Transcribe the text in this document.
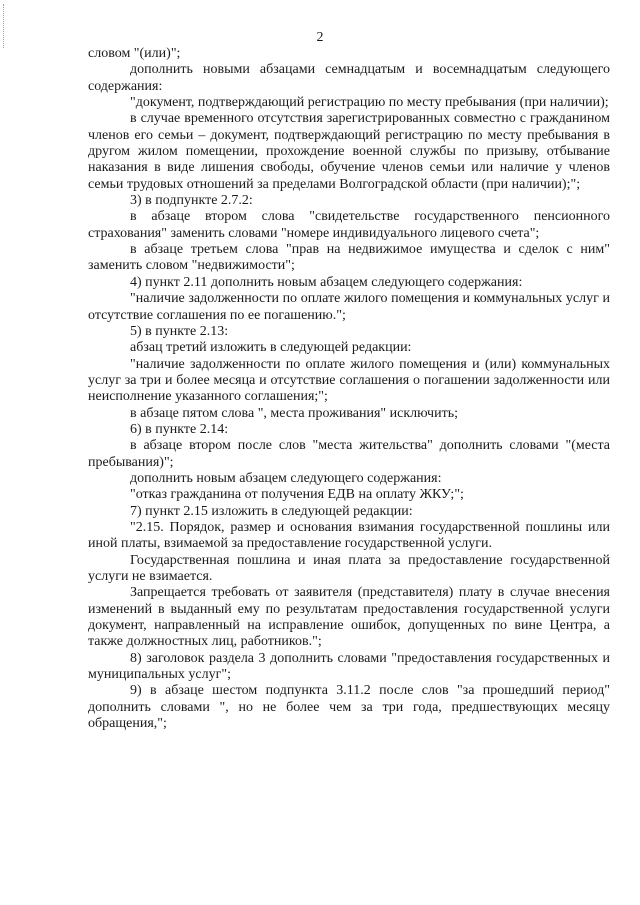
2

словом "(или)";

дополнить новыми абзацами семнадцатым и восемнадцатым следующего содержания:

"документ, подтверждающий регистрацию по месту пребывания (при наличии);

в случае временного отсутствия зарегистрированных совместно с гражданином членов его семьи – документ, подтверждающий регистрацию по месту пребывания в другом жилом помещении, прохождение военной службы по призыву, отбывание наказания в виде лишения свободы, обучение членов семьи или наличие у членов семьи трудовых отношений за пределами Волгоградской области (при наличии);";

3) в подпункте 2.7.2:

в абзаце втором слова "свидетельстве государственного пенсионного страхования" заменить словами "номере индивидуального лицевого счета";

в абзаце третьем слова "прав на недвижимое имущества и сделок с ним" заменить словом "недвижимости";

4) пункт 2.11 дополнить новым абзацем следующего содержания:

"наличие задолженности по оплате жилого помещения и коммунальных услуг и отсутствие соглашения по ее погашению.";

5) в пункте 2.13:

абзац третий изложить в следующей редакции:

"наличие задолженности по оплате жилого помещения и (или) коммунальных услуг за три и более месяца и отсутствие соглашения о погашении задолженности или неисполнение указанного соглашения;";

в абзаце пятом слова ", места проживания" исключить;

6) в пункте 2.14:

в абзаце втором после слов "места жительства" дополнить словами "(места пребывания)";

дополнить новым абзацем следующего содержания:

"отказ гражданина от получения ЕДВ на оплату ЖКУ;";

7) пункт 2.15 изложить в следующей редакции:

"2.15. Порядок, размер и основания взимания государственной пошлины или иной платы, взимаемой за предоставление государственной услуги.

Государственная пошлина и иная плата за предоставление государственной услуги не взимается.

Запрещается требовать от заявителя (представителя) плату в случае внесения изменений в выданный ему по результатам предоставления государственной услуги документ, направленный на исправление ошибок, допущенных по вине Центра, а также должностных лиц, работников.";

8) заголовок раздела 3 дополнить словами "предоставления государственных и муниципальных услуг";

9) в абзаце шестом подпункта 3.11.2 после слов "за прошедший период" дополнить словами ", но не более чем за три года, предшествующих месяцу обращения,";
